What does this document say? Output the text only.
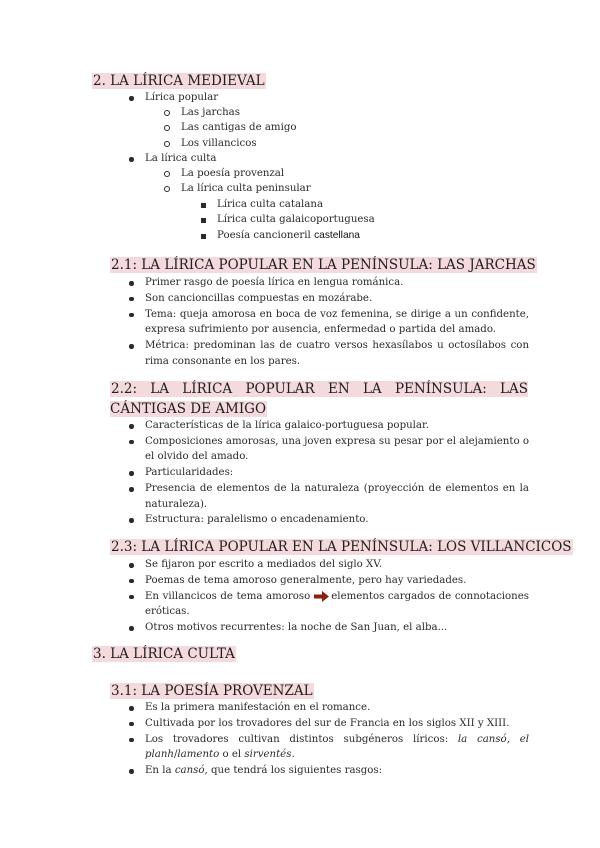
2. LA LÍRICA MEDIEVAL
Lírica popular
Las jarchas
Las cantigas de amigo
Los villancicos
La lírica culta
La poesía provenzal
La lírica culta peninsular
Lírica culta catalana
Lírica culta galaicoportuguesa
Poesía cancioneril castellana
2.1: LA LÍRICA POPULAR EN LA PENÍNSULA: LAS JARCHAS
Primer rasgo de poesía lírica en lengua románica.
Son cancioncillas compuestas en mozárabe.
Tema: queja amorosa en boca de voz femenina, se dirige a un confidente, expresa sufrimiento por ausencia, enfermedad o partida del amado.
Métrica: predominan las de cuatro versos hexasílabos u octosílabos con rima consonante en los pares.
2.2: LA LÍRICA POPULAR EN LA PENÍNSULA: LAS CÁNTIGAS DE AMIGO
Características de la lírica galaico-portuguesa popular.
Composiciones amorosas, una joven expresa su pesar por el alejamiento o el olvido del amado.
Particularidades:
Presencia de elementos de la naturaleza (proyección de elementos en la naturaleza).
Estructura: paralelismo o encadenamiento.
2.3: LA LÍRICA POPULAR EN LA PENÍNSULA: LOS VILLANCICOS
Se fijaron por escrito a mediados del siglo XV.
Poemas de tema amoroso generalmente, pero hay variedades.
En villancicos de tema amoroso elementos cargados de connotaciones eróticas.
Otros motivos recurrentes: la noche de San Juan, el alba...
3. LA LÍRICA CULTA
3.1: LA POESÍA PROVENZAL
Es la primera manifestación en el romance.
Cultivada por los trovadores del sur de Francia en los siglos XII y XIII.
Los trovadores cultivan distintos subgéneros líricos: la cansó, el planh/lamento o el sirventés.
En la cansó, que tendrá los siguientes rasgos:
